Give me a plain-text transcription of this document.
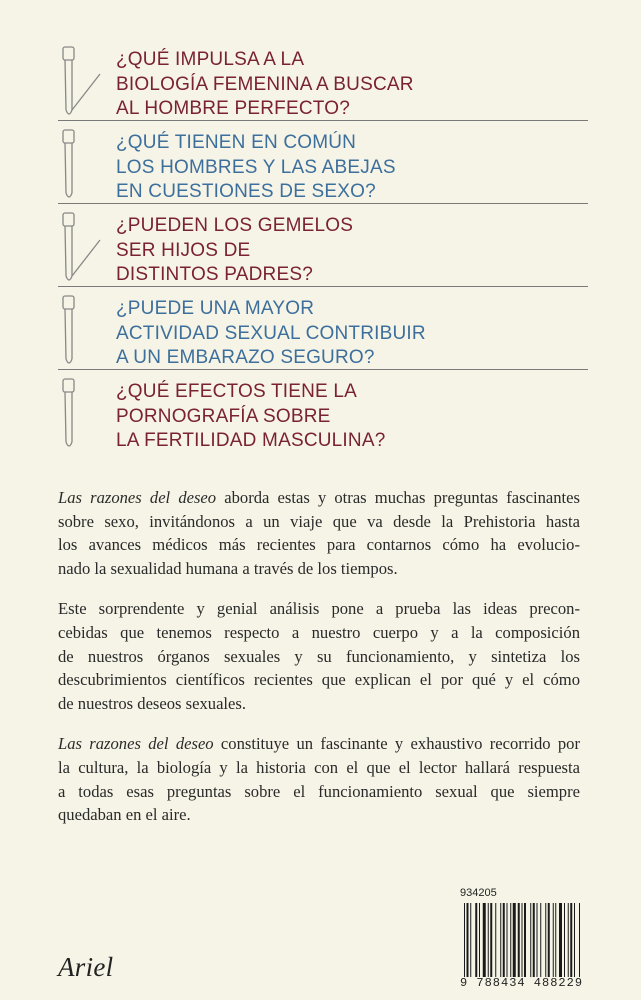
¿QUÉ IMPULSA A LA
BIOLOGÍA FEMENINA A BUSCAR
AL HOMBRE PERFECTO?
¿QUÉ TIENEN EN COMÚN
LOS HOMBRES Y LAS ABEJAS
EN CUESTIONES DE SEXO?
¿PUEDEN LOS GEMELOS
SER HIJOS DE
DISTINTOS PADRES?
¿PUEDE UNA MAYOR
ACTIVIDAD SEXUAL CONTRIBUIR
A UN EMBARAZO SEGURO?
¿QUÉ EFECTOS TIENE LA
PORNOGRAFÍA SOBRE
LA FERTILIDAD MASCULINA?

Las razones del deseo aborda estas y otras muchas preguntas fascinantes
sobre sexo, invitándonos a un viaje que va desde la Prehistoria hasta
los avances médicos más recientes para contarnos cómo ha evolucio-
nado la sexualidad humana a través de los tiempos.

Este sorprendente y genial análisis pone a prueba las ideas precon-
cebidas que tenemos respecto a nuestro cuerpo y a la composición
de nuestros órganos sexuales y su funcionamiento, y sintetiza los
descubrimientos científicos recientes que explican el por qué y el cómo
de nuestros deseos sexuales.

Las razones del deseo constituye un fascinante y exhaustivo recorrido por
la cultura, la biología y la historia con el que el lector hallará respuesta
a todas esas preguntas sobre el funcionamiento sexual que siempre
quedaban en el aire.

Ariel
934205
9 788434 488229
